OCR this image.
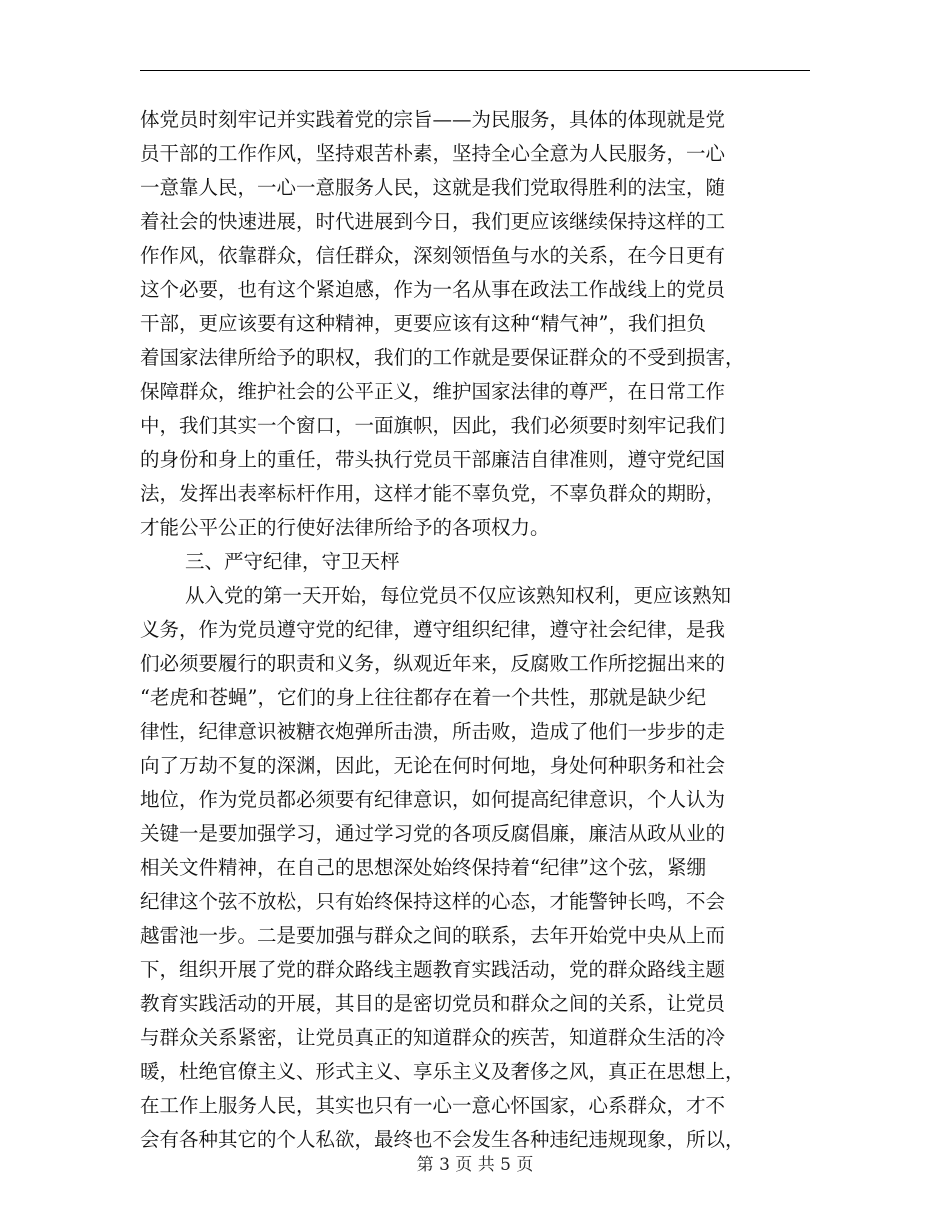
体党员时刻牢记并实践着党的宗旨——为民服务，具体的体现就是党
员干部的工作作风，坚持艰苦朴素，坚持全心全意为人民服务，一心
一意靠人民，一心一意服务人民，这就是我们党取得胜利的法宝，随
着社会的快速进展，时代进展到今日，我们更应该继续保持这样的工
作作风，依靠群众，信任群众，深刻领悟鱼与水的关系，在今日更有
这个必要，也有这个紧迫感，作为一名从事在政法工作战线上的党员
干部，更应该要有这种精神，更要应该有这种“精气神”，我们担负
着国家法律所给予的职权，我们的工作就是要保证群众的不受到损害，
保障群众，维护社会的公平正义，维护国家法律的尊严，在日常工作
中，我们其实一个窗口，一面旗帜，因此，我们必须要时刻牢记我们
的身份和身上的重任，带头执行党员干部廉洁自律准则，遵守党纪国
法，发挥出表率标杆作用，这样才能不辜负党，不辜负群众的期盼，
才能公平公正的行使好法律所给予的各项权力。
三、严守纪律，守卫天枰
从入党的第一天开始，每位党员不仅应该熟知权利，更应该熟知
义务，作为党员遵守党的纪律，遵守组织纪律，遵守社会纪律，是我
们必须要履行的职责和义务，纵观近年来，反腐败工作所挖掘出来的
“老虎和苍蝇”，它们的身上往往都存在着一个共性，那就是缺少纪
律性，纪律意识被糖衣炮弹所击溃，所击败，造成了他们一步步的走
向了万劫不复的深渊，因此，无论在何时何地，身处何种职务和社会
地位，作为党员都必须要有纪律意识，如何提高纪律意识，个人认为
关键一是要加强学习，通过学习党的各项反腐倡廉，廉洁从政从业的
相关文件精神，在自己的思想深处始终保持着“纪律”这个弦，紧绷
纪律这个弦不放松，只有始终保持这样的心态，才能警钟长鸣，不会
越雷池一步。二是要加强与群众之间的联系，去年开始党中央从上而
下，组织开展了党的群众路线主题教育实践活动，党的群众路线主题
教育实践活动的开展，其目的是密切党员和群众之间的关系，让党员
与群众关系紧密，让党员真正的知道群众的疾苦，知道群众生活的冷
暖，杜绝官僚主义、形式主义、享乐主义及奢侈之风，真正在思想上，
在工作上服务人民，其实也只有一心一意心怀国家，心系群众，才不
会有各种其它的个人私欲，最终也不会发生各种违纪违规现象，所以，
第 3 页 共 5 页
